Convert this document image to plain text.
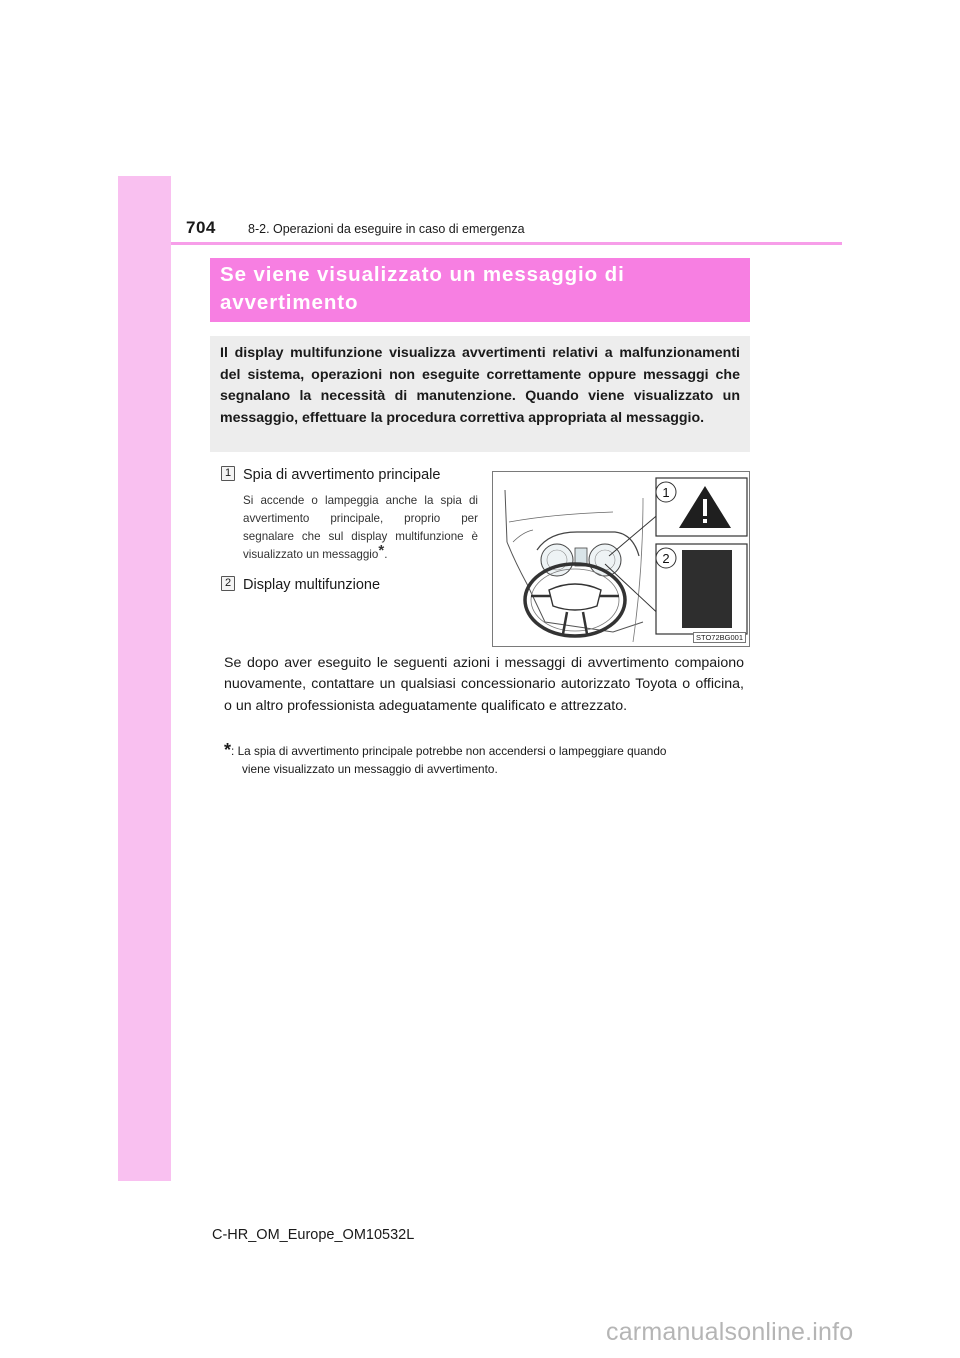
704	8-2. Operazioni da eseguire in caso di emergenza
Se viene visualizzato un messaggio di avvertimento

Il display multifunzione visualizza avvertimenti relativi a malfunzionamenti del sistema, operazioni non eseguite correttamente oppure messaggi che segnalano la necessità di manutenzione. Quando viene visualizzato un messaggio, effettuare la procedura correttiva appropriata al messaggio.

1 Spia di avvertimento principale

Si accende o lampeggia anche la spia di avvertimento principale, proprio per segnalare che sul display multifunzione è visualizzato un messaggio*.

2 Display multifunzione
1
2
STO72BG001

Se dopo aver eseguito le seguenti azioni i messaggi di avvertimento compaiono nuovamente, contattare un qualsiasi concessionario autorizzato Toyota o officina, o un altro professionista adeguatamente qualificato e attrezzato.

*: La spia di avvertimento principale potrebbe non accendersi o lampeggiare quando
viene visualizzato un messaggio di avvertimento.

C-HR_OM_Europe_OM10532L
carmanualsonline.info
